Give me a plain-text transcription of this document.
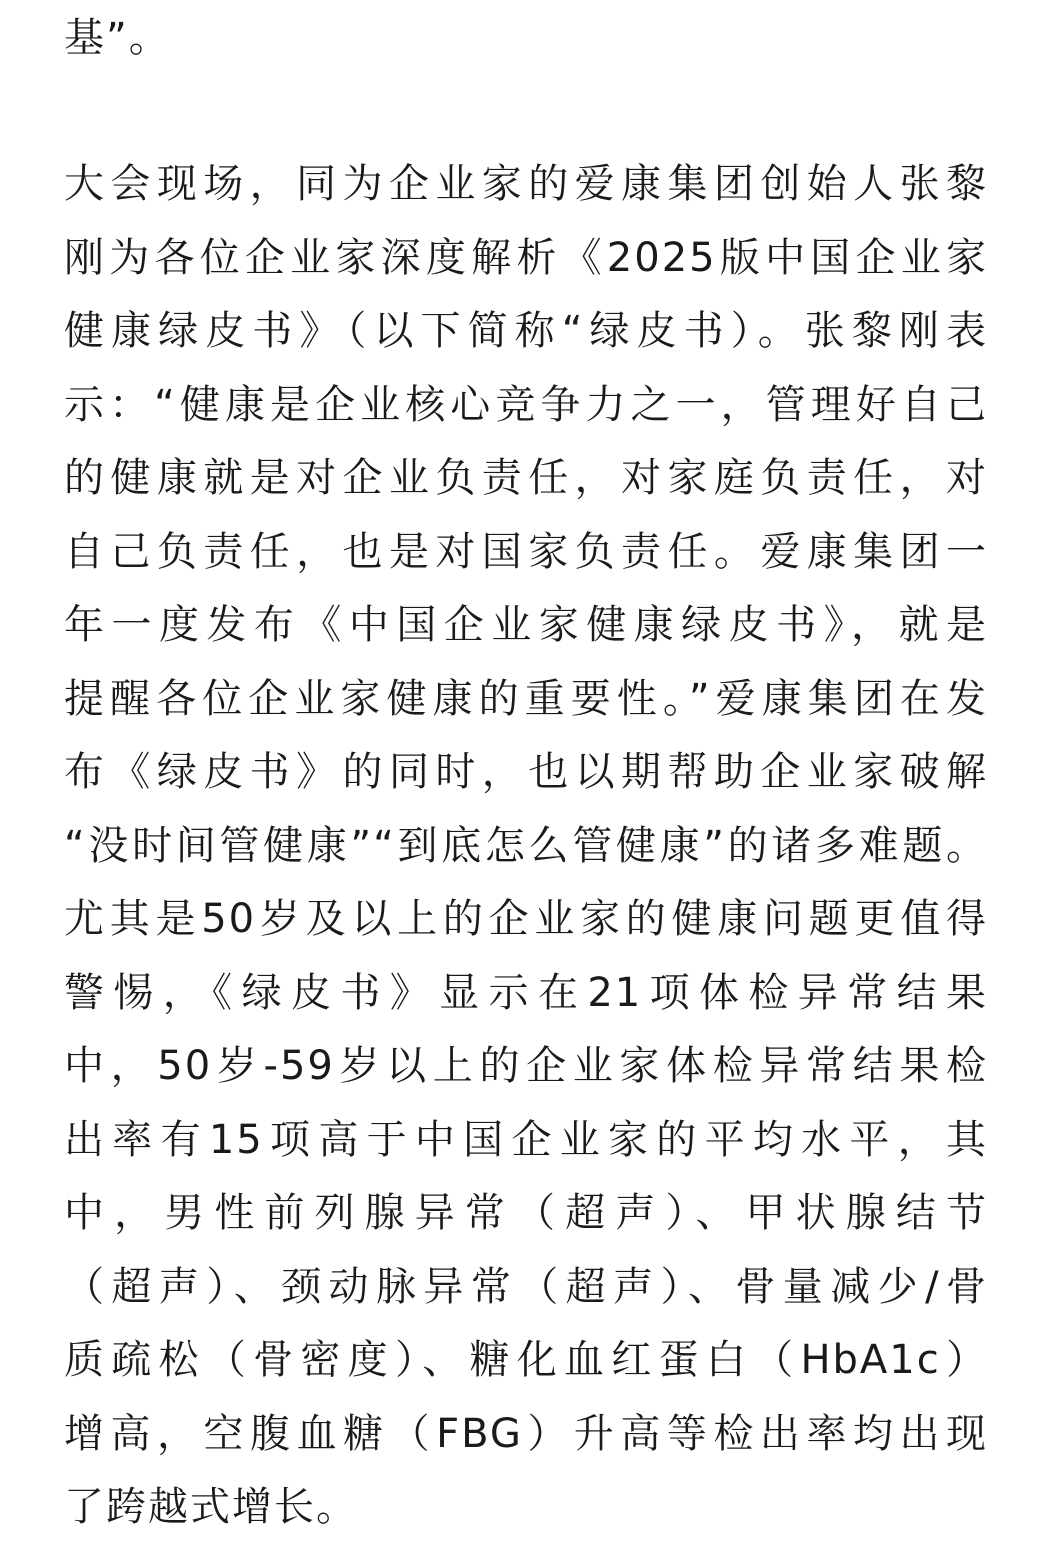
基”。

大会现场，同为企业家的爱康集团创始人张黎
刚为各位企业家深度解析《2025版中国企业家
健康绿皮书》（以下简称“绿皮书）。张黎刚表
示：“健康是企业核心竞争力之一，管理好自己
的健康就是对企业负责任，对家庭负责任，对
自己负责任，也是对国家负责任。爱康集团一
年一度发布《中国企业家健康绿皮书》，就是
提醒各位企业家健康的重要性。”爱康集团在发
布《绿皮书》的同时，也以期帮助企业家破解
“没时间管健康”“到底怎么管健康”的诸多难题。
尤其是50岁及以上的企业家的健康问题更值得
警惕，《绿皮书》显示在21项体检异常结果
中，50岁-59岁以上的企业家体检异常结果检
出率有15项高于中国企业家的平均水平，其
中，男性前列腺异常（超声）、甲状腺结节
（超声）、颈动脉异常（超声）、骨量减少/骨
质疏松（骨密度）、糖化血红蛋白（HbA1c）
增高，空腹血糖（FBG）升高等检出率均出现
了跨越式增长。
